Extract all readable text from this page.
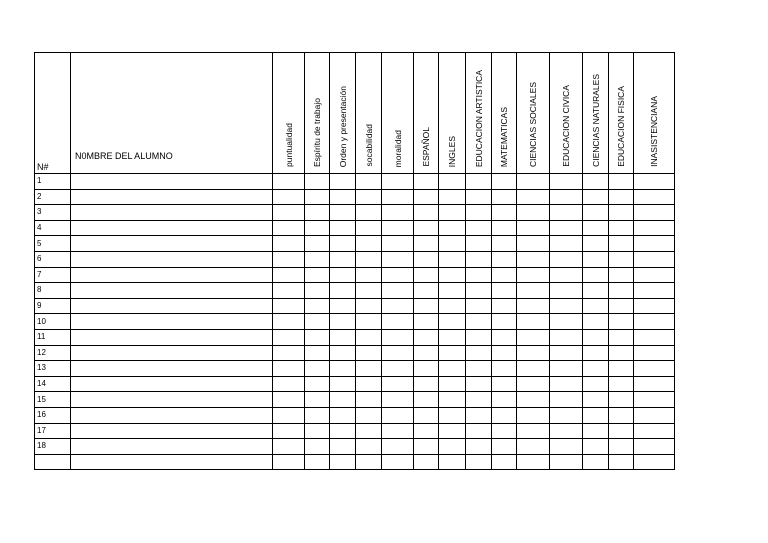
N#	N0MBRE DEL ALUMNO	puntualidad	Espíritu de trabajo	Orden y presentación	socabilidad	moralidad	ESPAÑOL	INGLES	EDUCACION ARTISTICA	MATEMATICAS	CIENCIAS SOCIALES	EDUCACION CIVICA	CIENCIAS NATURALES	EDUCACION FISICA	INASISTENCIANA

1															
2															
3															
4															
5															
6															
7															
8															
9															
10															
11															
12															
13															
14															
15															
16															
17															
18															
